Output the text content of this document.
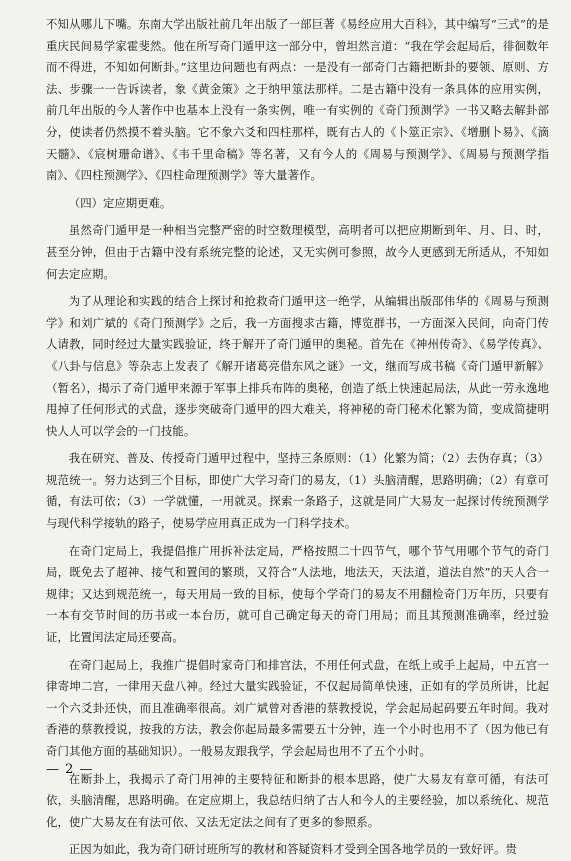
不知从哪儿下嘴。东南大学出版社前几年出版了一部巨著《易经应用大百科》，其中编写“三式”的是重庆民间易学家霍斐然。他在所写奇门遁甲这一部分中，曾坦然言道：“我在学会起局后，徘徊数年而不得进，不知如何断卦。”这里边问题也有两点：一是没有一部奇门古籍把断卦的要领、原则、方法、步骤一一告诉读者，象《黄金策》之于纳甲筮法那样。二是古籍中没有一条具体的应用实例，前几年出版的今人著作中也基本上没有一条实例，唯一有实例的《奇门预测学》一书又略去解卦部分，使读者仍然摸不着头脑。它不象六爻和四柱那样，既有古人的《卜筮正宗》、《增删卜易》、《滴天髓》、《宸树珊命谱》、《韦千里命稿》等名著，又有今人的《周易与预测学》、《周易与预测学指南》、《四柱预测学》、《四柱命理预测学》等大量著作。

（四）定应期更难。

虽然奇门遁甲是一种相当完整严密的时空数理模型，高明者可以把应期断到年、月、日、时，甚至分钟，但由于古籍中没有系统完整的论述，又无实例可参照，故今人更感到无所适从，不知如何去定应期。

为了从理论和实践的结合上探讨和抢救奇门遁甲这一绝学，从编辑出版邵伟华的《周易与预测学》和刘广斌的《奇门预测学》之后，我一方面搜求古籍，博览群书，一方面深入民间，向奇门传人请教，同时经过大量实践验证，终于解开了奇门遁甲的奥秘。首先在《神州传奇》、《易学传真》、《八卦与信息》等杂志上发表了《解开诸葛亮借东风之谜》一文，继而写成书稿《奇门遁甲新解》（暂名），揭示了奇门遁甲来源于军事上排兵布阵的奥秘，创造了纸上快速起局法，从此一劳永逸地甩掉了任何形式的式盘，逐步突破奇门遁甲的四大难关，将神秘的奇门秘术化繁为简，变成简捷明快人人可以学会的一门技能。

我在研究、普及、传授奇门遁甲过程中，坚持三条原则：（1）化繁为简；（2）去伪存真；（3）规范统一。努力达到三个目标，即使广大学习奇门的易友，（1）头脑清醒，思路明确；（2）有章可循，有法可依；（3）一学就懂，一用就灵。探索一条路子，这就是同广大易友一起探讨传统预测学与现代科学接轨的路子，使易学应用真正成为一门科学技术。

在奇门定局上，我提倡推广用拆补法定局，严格按照二十四节气，哪个节气用哪个节气的奇门局，既免去了超神、接气和置闰的繁琐，又符合“人法地，地法天，天法道，道法自然”的天人合一规律；又达到规范统一，每天用局一致的目标，使每个学奇门的易友不用翻检奇门万年历，只要有一本有交节时间的历书或一本台历，就可自己确定每天的奇门用局；而且其预测准确率，经过验证，比置闰法定局还要高。

在奇门起局上，我推广提倡时家奇门和排宫法，不用任何式盘，在纸上或手上起局，中五宫一律寄坤二宫，一律用天盘八神。经过大量实践验证，不仅起局简单快速，正如有的学员所讲，比起一个六爻卦还快，而且准确率很高。刘广斌曾对香港的蔡教授说，学会起局起码要五年时间。我对香港的蔡教授说，按我的方法，教会你起局最多需要五十分钟，连一个小时也用不了（因为他已有奇门其他方面的基础知识）。一般易友跟我学，学会起局也用不了五个小时。

在断卦上，我揭示了奇门用神的主要特征和断卦的根本思路，使广大易友有章可循，有法可依，头脑清醒，思路明确。在定应期上，我总结归纳了古人和今人的主要经验，加以系统化、规范化，使广大易友在有法可依、又法无定法之间有了更多的参照系。

正因为如此，我为奇门研讨班所写的教材和答疑资料才受到全国各地学员的一致好评。贵

— 2 —
